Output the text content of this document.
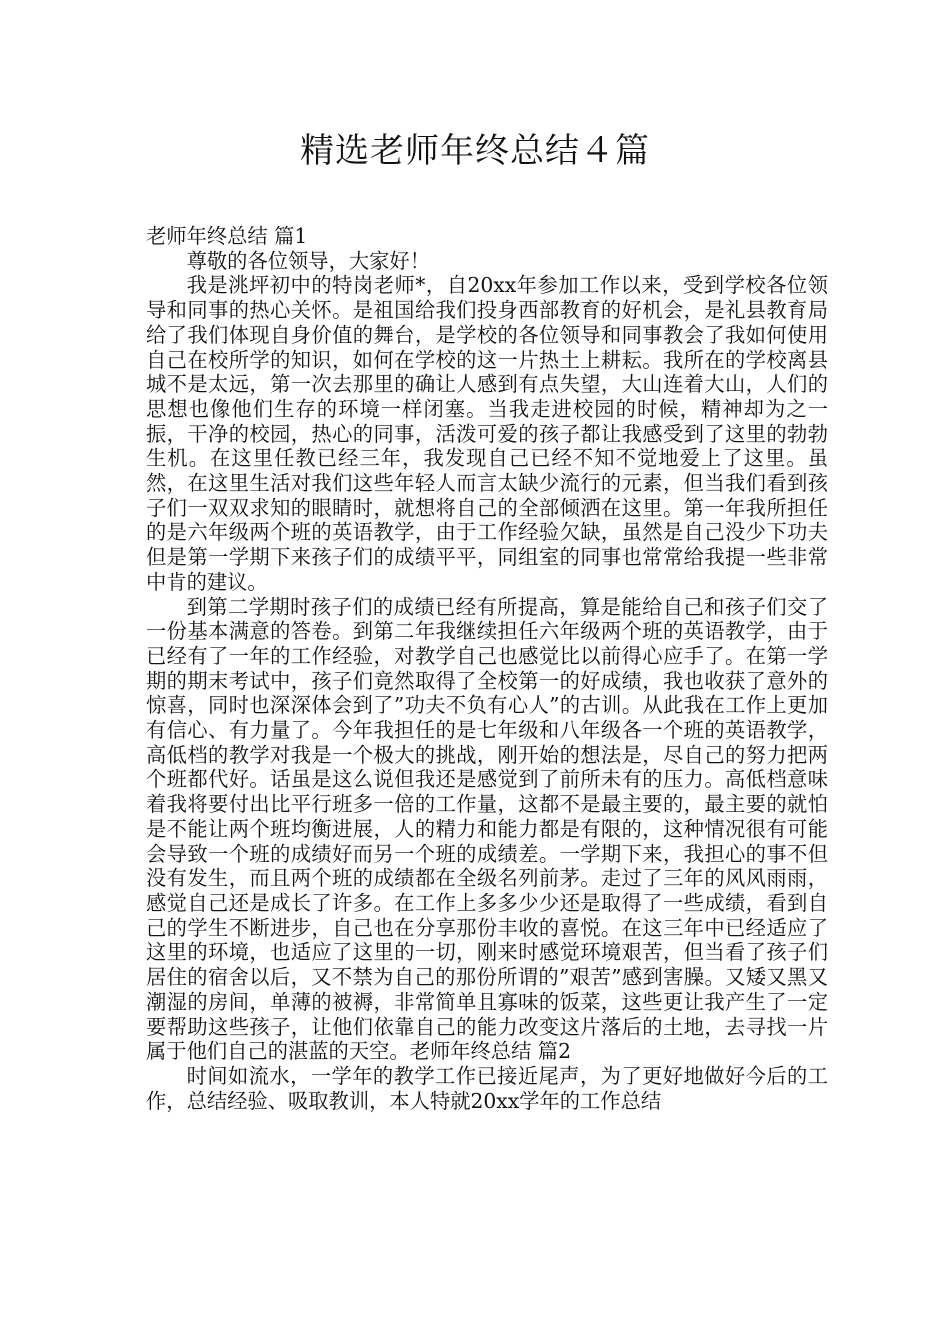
精选老师年终总结４篇

老师年终总结 篇1

尊敬的各位领导，大家好！

我是洮坪初中的特岗老师*，自20xx年参加工作以来，受到学校各位领导和同事的热心关怀。是祖国给我们投身西部教育的好机会，是礼县教育局给了我们体现自身价值的舞台，是学校的各位领导和同事教会了我如何使用自己在校所学的知识，如何在学校的这一片热土上耕耘。我所在的学校离县城不是太远，第一次去那里的确让人感到有点失望，大山连着大山，人们的思想也像他们生存的环境一样闭塞。当我走进校园的时候，精神却为之一振，干净的校园，热心的同事，活泼可爱的孩子都让我感受到了这里的勃勃生机。在这里任教已经三年，我发现自己已经不知不觉地爱上了这里。虽然，在这里生活对我们这些年轻人而言太缺少流行的元素，但当我们看到孩子们一双双求知的眼睛时，就想将自己的全部倾洒在这里。第一年我所担任的是六年级两个班的英语教学，由于工作经验欠缺，虽然是自己没少下功夫但是第一学期下来孩子们的成绩平平，同组室的同事也常常给我提一些非常中肯的建议。

到第二学期时孩子们的成绩已经有所提高，算是能给自己和孩子们交了一份基本满意的答卷。到第二年我继续担任六年级两个班的英语教学，由于已经有了一年的工作经验，对教学自己也感觉比以前得心应手了。在第一学期的期末考试中，孩子们竟然取得了全校第一的好成绩，我也收获了意外的惊喜，同时也深深体会到了”功夫不负有心人”的古训。从此我在工作上更加有信心、有力量了。今年我担任的是七年级和八年级各一个班的英语教学，高低档的教学对我是一个极大的挑战，刚开始的想法是，尽自己的努力把两个班都代好。话虽是这么说但我还是感觉到了前所未有的压力。高低档意味着我将要付出比平行班多一倍的工作量，这都不是最主要的，最主要的就怕是不能让两个班均衡进展，人的精力和能力都是有限的，这种情况很有可能会导致一个班的成绩好而另一个班的成绩差。一学期下来，我担心的事不但没有发生，而且两个班的成绩都在全级名列前茅。走过了三年的风风雨雨，感觉自己还是成长了许多。在工作上多多少少还是取得了一些成绩，看到自己的学生不断进步，自己也在分享那份丰收的喜悦。在这三年中已经适应了这里的环境，也适应了这里的一切，刚来时感觉环境艰苦，但当看了孩子们居住的宿舍以后，又不禁为自己的那份所谓的”艰苦”感到害臊。又矮又黑又潮湿的房间，单薄的被褥，非常简单且寡味的饭菜，这些更让我产生了一定要帮助这些孩子，让他们依靠自己的能力改变这片落后的土地，去寻找一片属于他们自己的湛蓝的天空。老师年终总结 篇2

时间如流水，一学年的教学工作已接近尾声，为了更好地做好今后的工作，总结经验、吸取教训，本人特就20xx学年的工作总结
